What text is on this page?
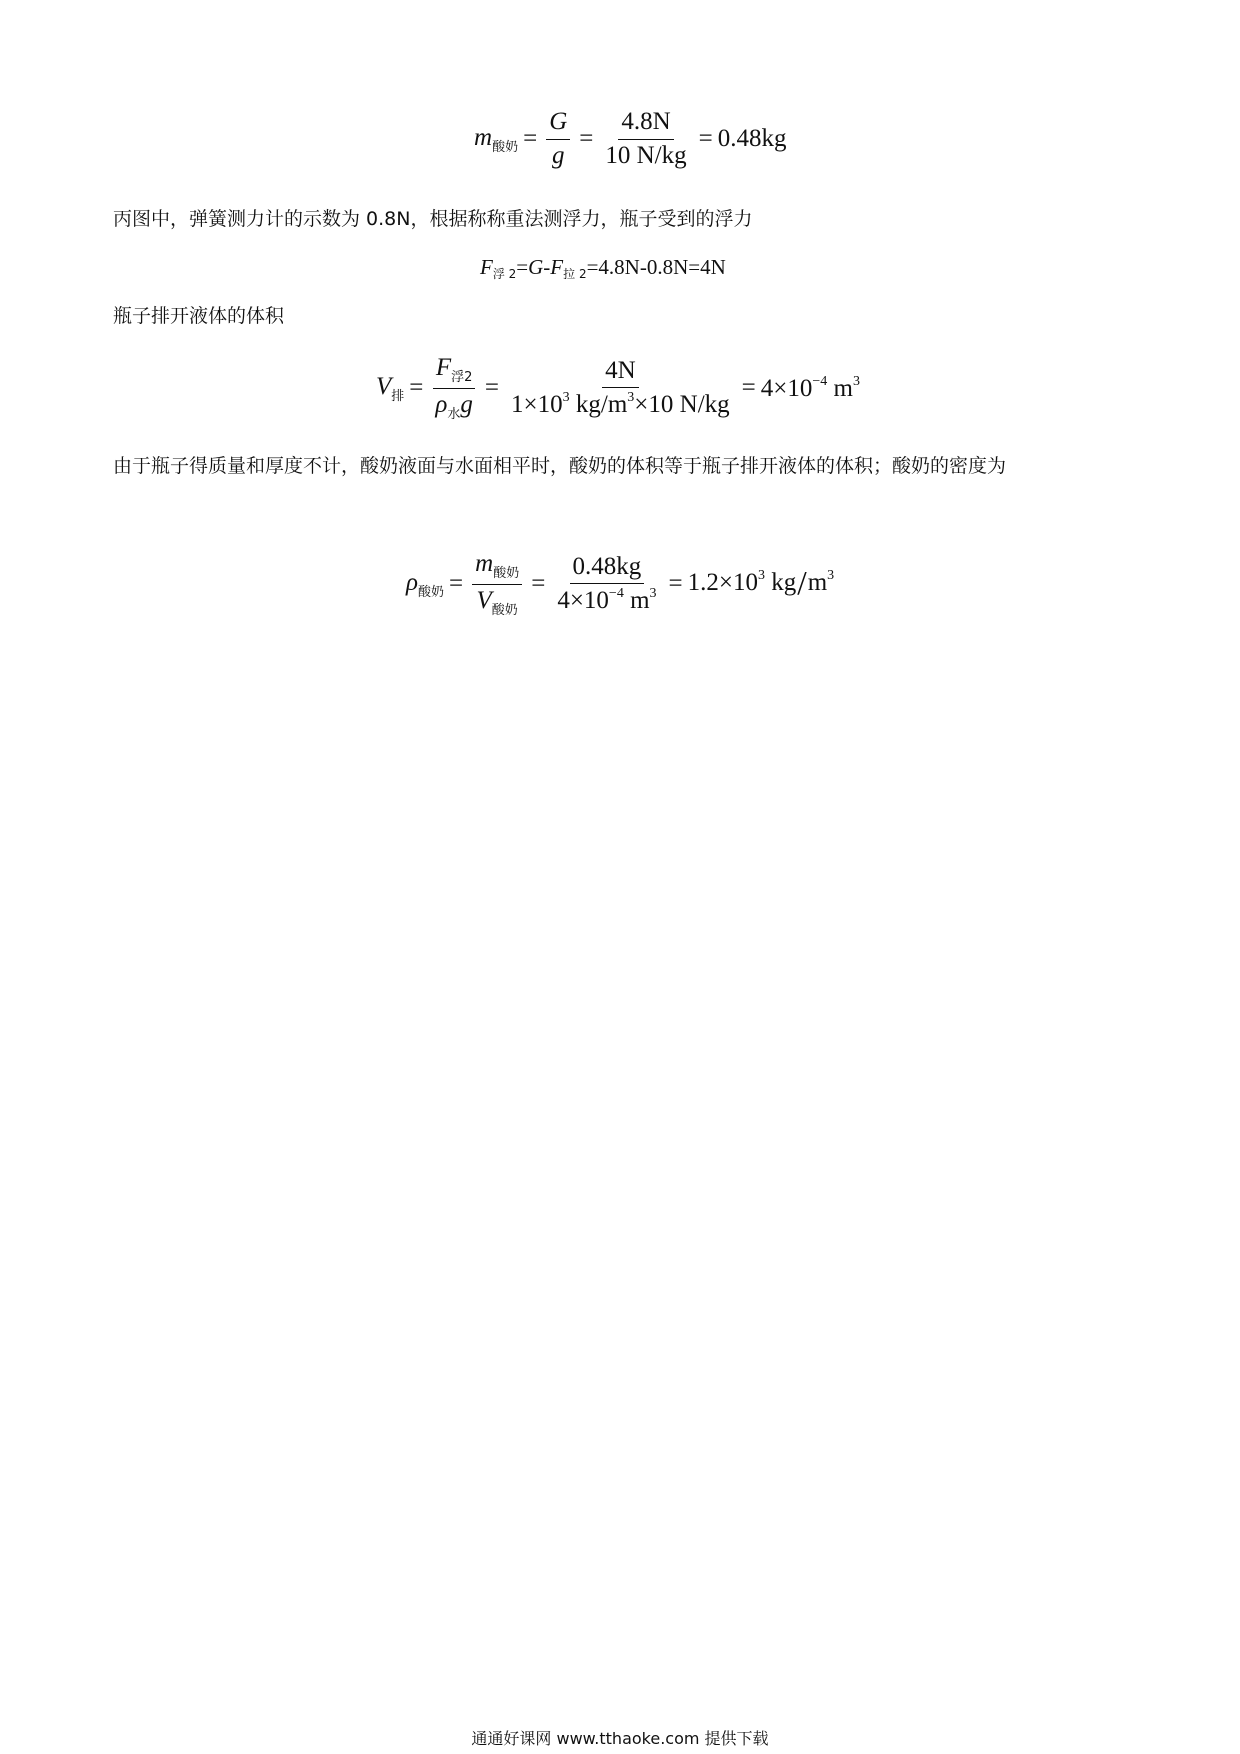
$m_{酸奶} = \frac{G}{g} = \frac{4.8N}{10 N/kg} = 0.48kg$
丙图中，弹簧测力计的示数为 0.8N，根据称称重法测浮力，瓶子受到的浮力
$F_{浮 2}=G-F_{拉 2}=4.8N-0.8N=4N$
瓶子排开液体的体积
$V_排 = \frac{F_{浮2}}{\rho_水g} = \frac{4N}{1\times 10^3 kg/m^3\times 10 N/kg} = 4\times 10^{-4}$ $m^3$
由于瓶子得质量和厚度不计，酸奶液面与水面相平时，酸奶的体积等于瓶子排开液体的体积；酸奶的密度为
$\rho_{酸奶} = \frac{m_{酸奶}}{V_{酸奶}} = \frac{0.48kg}{4\times 10^{-4} m^3} = 1.2\times 10^3$ $kg/m^3$
通通好课网 www.tthaoke.com 提供下载
